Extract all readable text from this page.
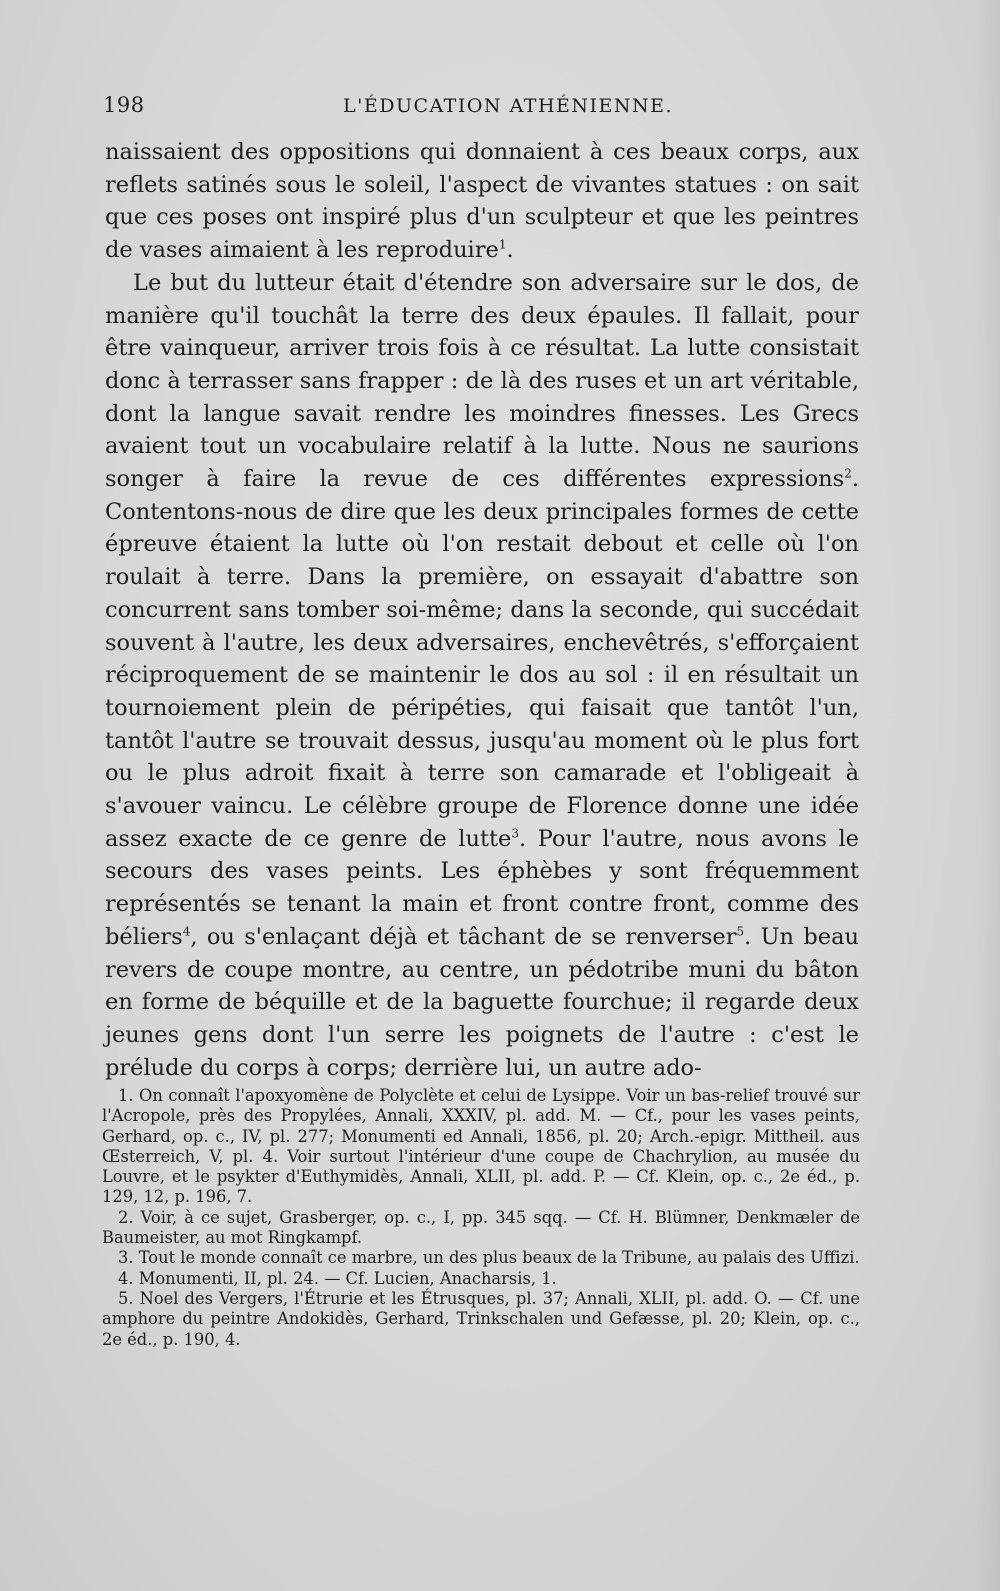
198	L'ÉDUCATION ATHÉNIENNE.

naissaient des oppositions qui donnaient à ces beaux corps, aux reflets satinés sous le soleil, l'aspect de vivantes statues : on sait que ces poses ont inspiré plus d'un sculpteur et que les peintres de vases aimaient à les reproduire$^1$.

Le but du lutteur était d'étendre son adversaire sur le dos, de manière qu'il touchât la terre des deux épaules. Il fallait, pour être vainqueur, arriver trois fois à ce résultat. La lutte consistait donc à terrasser sans frapper : de là des ruses et un art véritable, dont la langue savait rendre les moindres finesses. Les Grecs avaient tout un vocabulaire relatif à la lutte. Nous ne saurions songer à faire la revue de ces différentes expressions$^2$. Contentons-nous de dire que les deux principales formes de cette épreuve étaient la lutte où l'on restait debout et celle où l'on roulait à terre. Dans la première, on essayait d'abattre son concurrent sans tomber soi-même; dans la seconde, qui succédait souvent à l'autre, les deux adversaires, enchevêtrés, s'efforçaient réciproquement de se maintenir le dos au sol : il en résultait un tournoiement plein de péripéties, qui faisait que tantôt l'un, tantôt l'autre se trouvait dessus, jusqu'au moment où le plus fort ou le plus adroit fixait à terre son camarade et l'obligeait à s'avouer vaincu. Le célèbre groupe de Florence donne une idée assez exacte de ce genre de lutte$^3$. Pour l'autre, nous avons le secours des vases peints. Les éphèbes y sont fréquemment représentés se tenant la main et front contre front, comme des béliers$^4$, ou s'enlaçant déjà et tâchant de se renverser$^5$. Un beau revers de coupe montre, au centre, un pédotribe muni du bâton en forme de béquille et de la baguette fourchue; il regarde deux jeunes gens dont l'un serre les poignets de l'autre : c'est le prélude du corps à corps; derrière lui, un autre ado-

1. On connaît l'apoxyomène de Polyclète et celui de Lysippe. Voir un bas-relief trouvé sur l'Acropole, près des Propylées, Annali, XXXIV, pl. add. M. — Cf., pour les vases peints, Gerhard, op. c., IV, pl. 277; Monumenti ed Annali, 1856, pl. 20; Arch.-epigr. Mittheil. aus Œsterreich, V, pl. 4. Voir surtout l'intérieur d'une coupe de Chachrylion, au musée du Louvre, et le psykter d'Euthymidès, Annali, XLII, pl. add. P. — Cf. Klein, op. c., 2e éd., p. 129, 12, p. 196, 7.

2. Voir, à ce sujet, Grasberger, op. c., I, pp. 345 sqq. — Cf. H. Blümner, Denkmæler de Baumeister, au mot Ringkampf.

3. Tout le monde connaît ce marbre, un des plus beaux de la Tribune, au palais des Uffizi.

4. Monumenti, II, pl. 24. — Cf. Lucien, Anacharsis, 1.

5. Noel des Vergers, l'Étrurie et les Étrusques, pl. 37; Annali, XLII, pl. add. O. — Cf. une amphore du peintre Andokidès, Gerhard, Trinkschalen und Gefæsse, pl. 20; Klein, op. c., 2e éd., p. 190, 4.
